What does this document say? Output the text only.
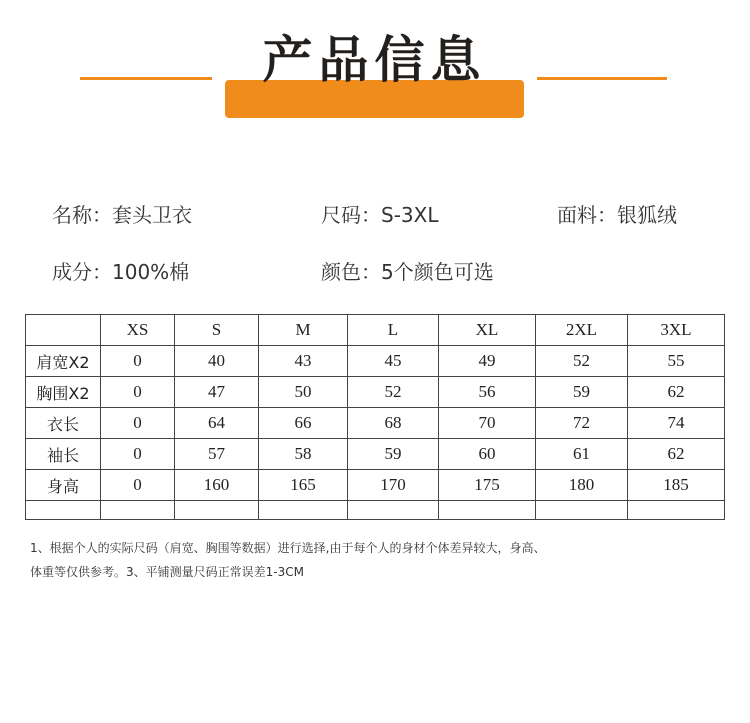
产品信息
名称：套头卫衣	尺码：S-3XL	面料：银狐绒
成分：100%棉	颜色：5个颜色可选
	XS	S	M	L	XL	2XL	3XL
肩宽X2	0	40	43	45	49	52	55
胸围X2	0	47	50	52	56	59	62
衣长	0	64	66	68	70	72	74
袖长	0	57	58	59	60	61	62
身高	0	160	165	170	175	180	185

1、根据个人的实际尺码（肩宽、胸围等数据）进行选择,由于每个人的身材个体差异较大，身高、
体重等仅供参考。3、平铺测量尺码正常误差1-3CM
